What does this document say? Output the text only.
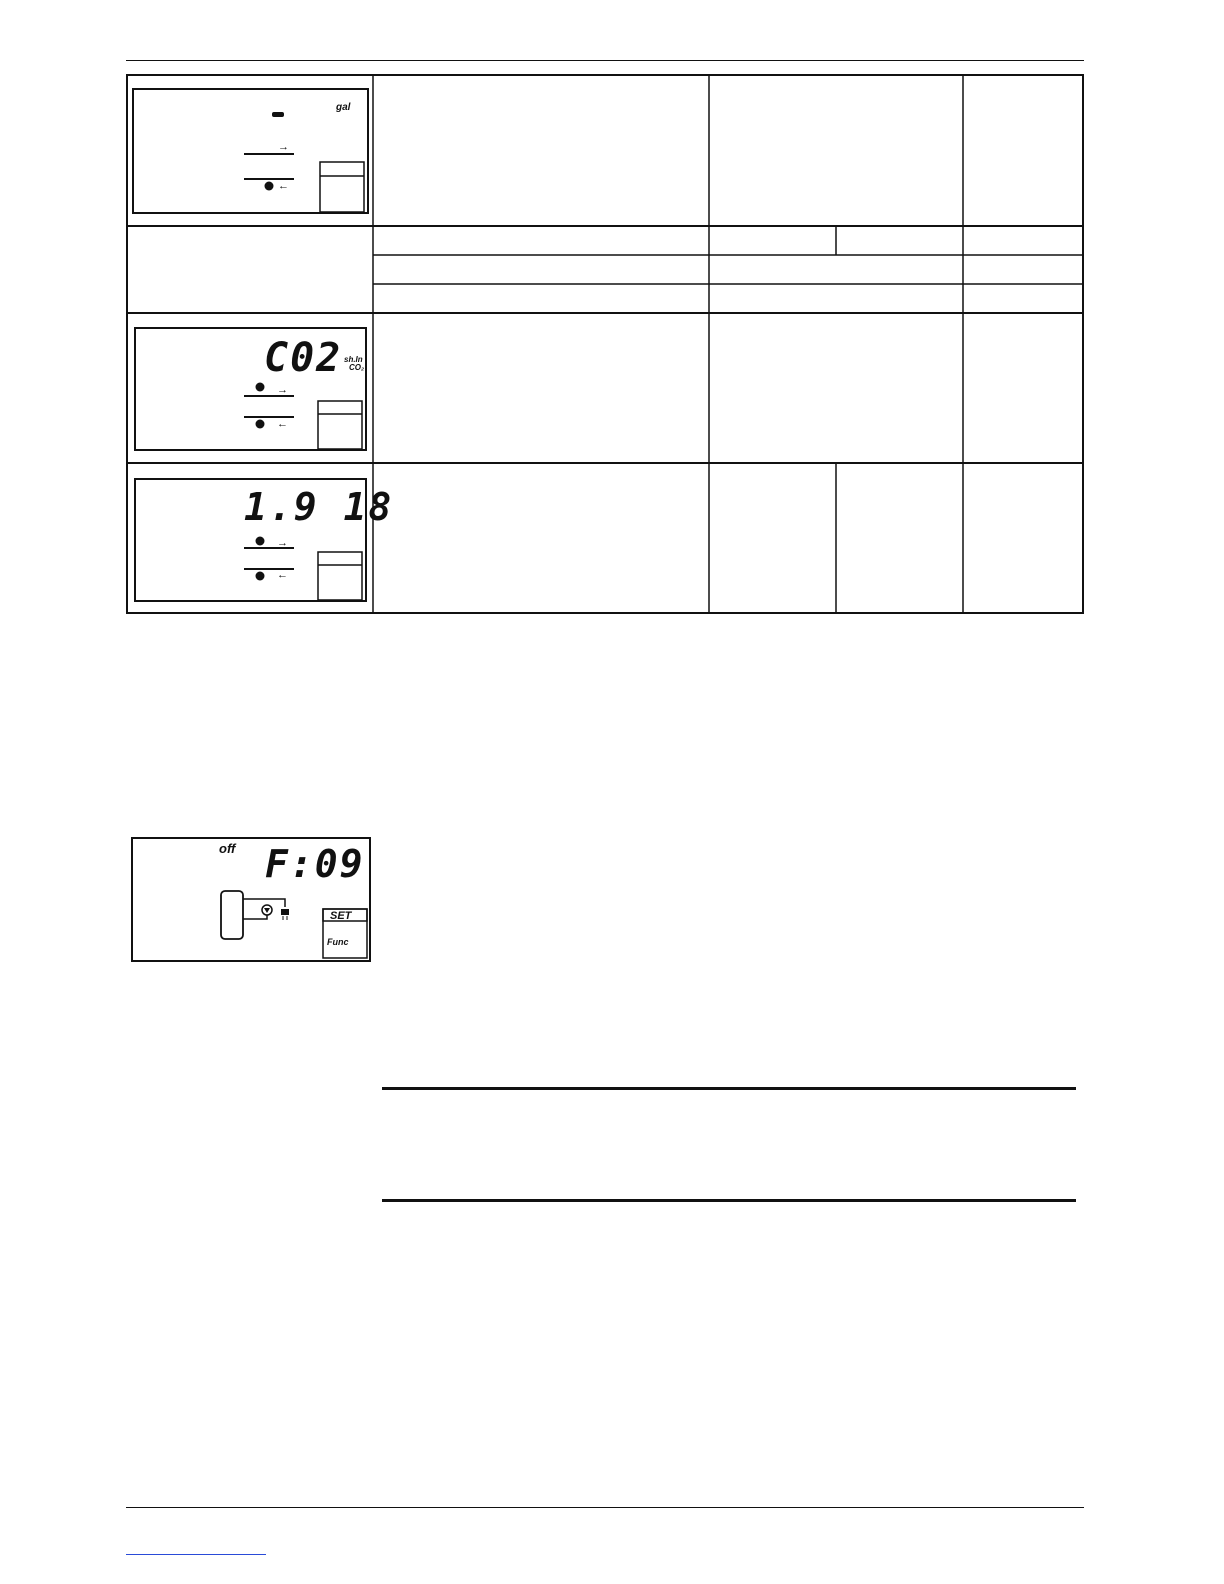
gal
→
←
C02 sh.In
CO₂
→
←
1.9 18
→
←
off F:09
SET
Func
